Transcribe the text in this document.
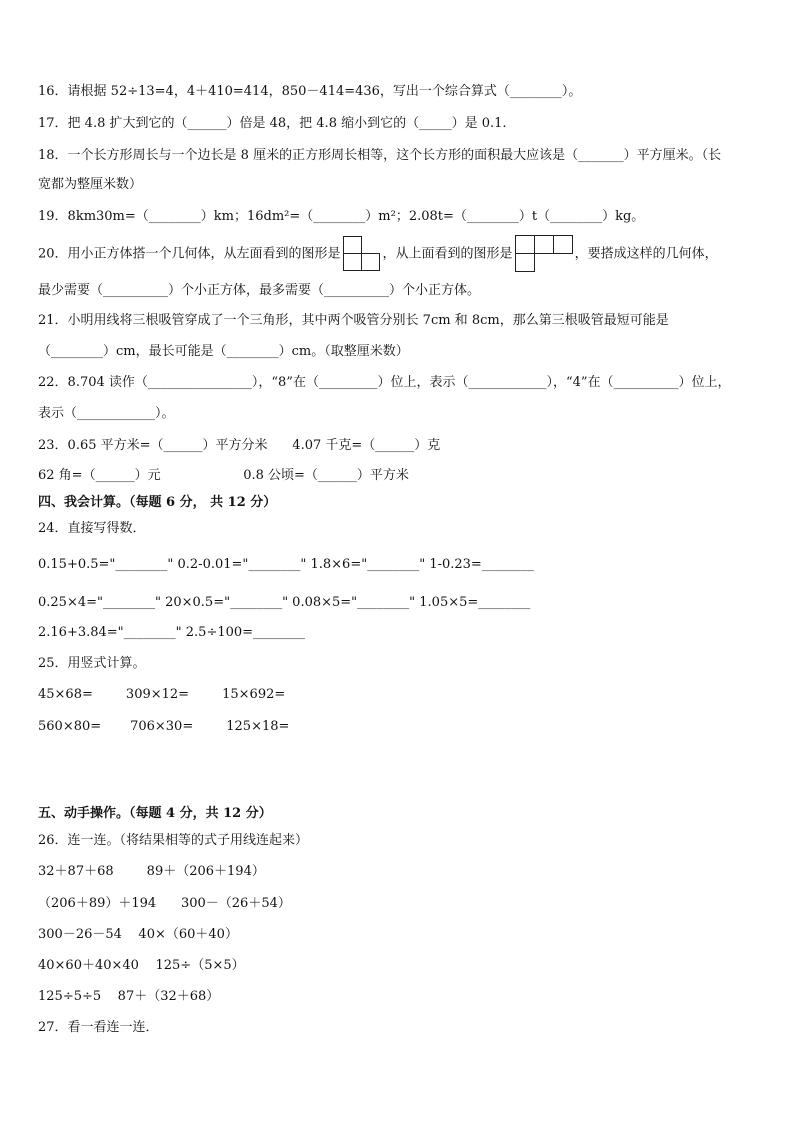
16．请根据 52÷13=4，4＋410=414，850－414=436，写出一个综合算式（________）。
17．把 4.8 扩大到它的（______）倍是 48，把 4.8 缩小到它的（_____）是 0.1.
18．一个长方形周长与一个边长是 8 厘米的正方形周长相等，这个长方形的面积最大应该是（_______）平方厘米。（长
宽都为整厘米数）
19．8km30m=（________）km；16dm²=（________）m²；2.08t=（________）t（________）kg。
20．用小正方体搭一个几何体，从左面看到的图形是	，从上面看到的图形是	，要搭成这样的几何体，
最少需要（__________）个小正方体，最多需要（__________）个小正方体。
21．小明用线将三根吸管穿成了一个三角形，其中两个吸管分别长 7cm 和 8cm，那么第三根吸管最短可能是
（________）cm，最长可能是（________）cm。（取整厘米数）
22．8.704 读作（________________），“8”在（_________）位上，表示（____________），“4”在（__________）位上，
表示（____________）。
23．0.65 平方米=（______）平方分米      4.07 千克=（______）克
62 角=（______）元                    0.8 公顷=（______）平方米
四、我会计算。（每题 6 分， 共 12 分）
24．直接写得数．
0.15+0.5="________" 0.2-0.01="________" 1.8×6="________" 1-0.23=________
0.25×4="________" 20×0.5="________" 0.08×5="________" 1.05×5=________
2.16+3.84="________" 2.5÷100=________
25．用竖式计算。
45×68=        309×12=        15×692=
560×80=       706×30=        125×18=
五、动手操作。（每题 4 分，共 12 分）
26．连一连。（将结果相等的式子用线连起来）
32＋87＋68        89＋（206＋194）
（206＋89）＋194      300－（26＋54）
300－26－54    40×（60＋40）
40×60＋40×40    125÷（5×5）
125÷5÷5    87＋（32＋68）
27．看一看连一连．
